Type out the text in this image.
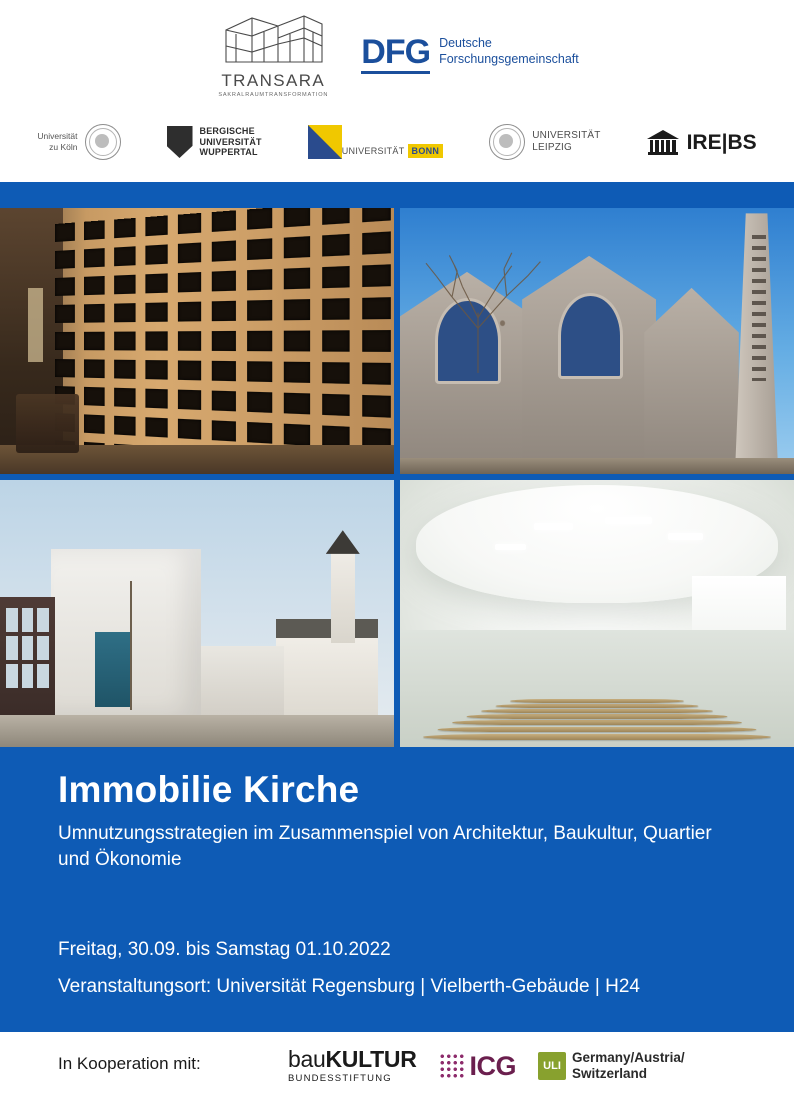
TRANSARA
SAKRALRAUMTRANSFORMATION
DFG Deutsche
Forschungsgemeinschaft
Universität
zu Köln
BERGISCHE
UNIVERSITÄT
WUPPERTAL	UNIVERSITÄT BONN
UNIVERSITÄT
LEIPZIG	IRE|BS
Immobilie Kirche
Umnutzungsstrategien im Zusammenspiel von Architektur, Baukultur, Quartier und Ökonomie
Freitag, 30.09. bis Samstag 01.10.2022
Veranstaltungsort: Universität Regensburg | Vielberth-Gebäude | H24
In Kooperation mit:	bauKULTUR
BUNDESSTIFTUNG	ICG	ULI
Germany/Austria/
Switzerland
